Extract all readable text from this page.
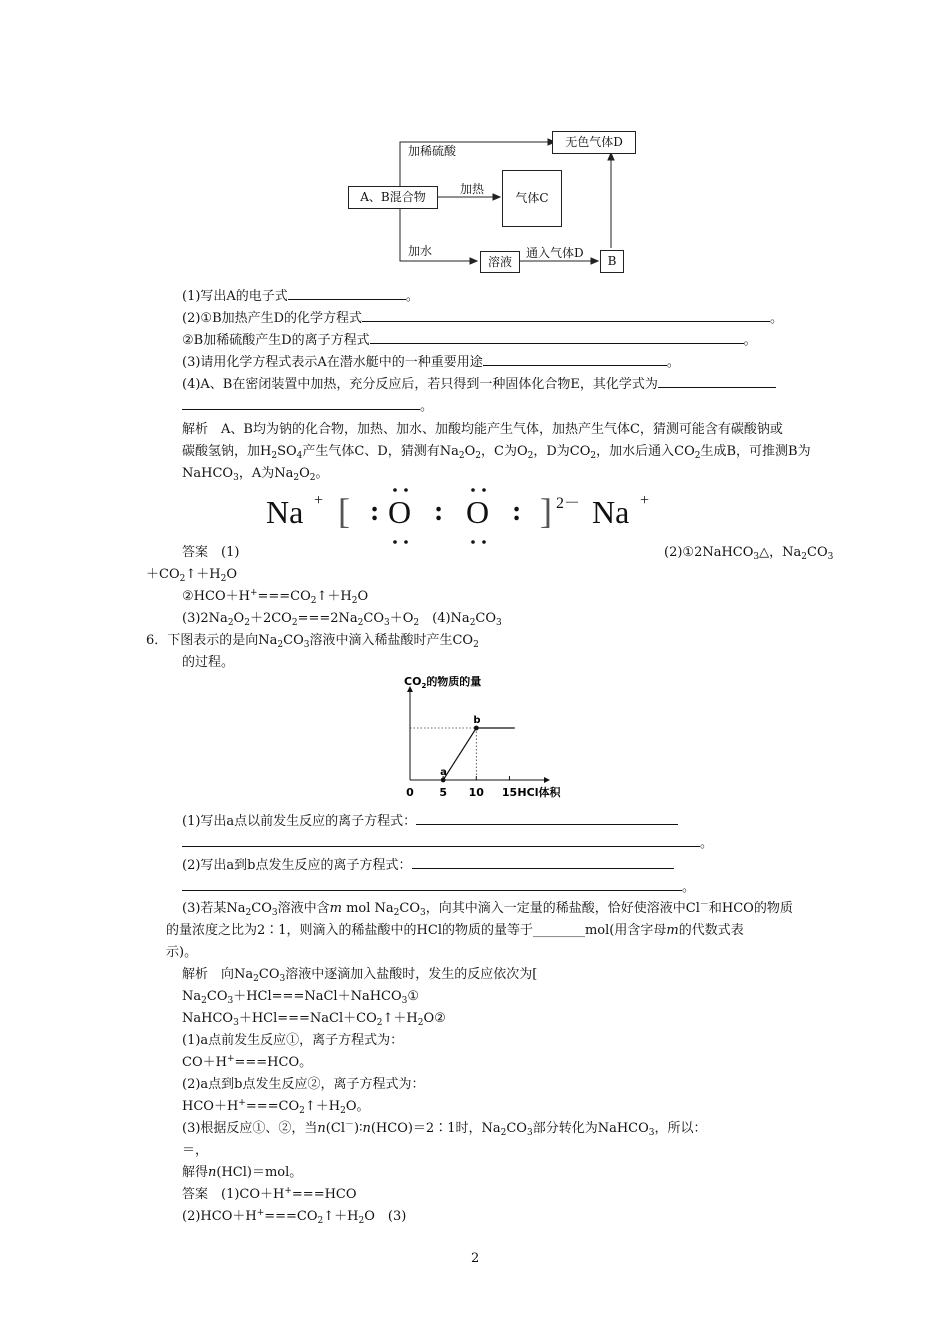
A、B混合物
无色气体D
气体C
溶液	B
加稀硫酸
加热
加水	通入气体D
(1)写出A的电子式	。
(2)①B加热产生D的化学方程式	。
②B加稀硫酸产生D的离子方程式	。
(3)请用化学方程式表示A在潜水艇中的一种重要用途	。
(4)A、B在密闭装置中加热，充分反应后，若只得到一种固体化合物E，其化学式为
。
解析　A、B均为钠的化合物，加热、加水、加酸均能产生气体，加热产生气体C，猜测可能含有碳酸钠或
碳酸氢钠，加$H_2SO_4$产生气体C、D，猜测有$Na_2O_2$，C为$O_2$，D为$CO_2$，加水后通入$CO_2$生成B，可推测B为
NaHCO$_3$，A为$Na_2O_2$。
Na + [ : O : O : ] 2－ Na +
答案　(1)	(2)①2NaHCO$_3$△，$Na_2CO_3$
$+CO_2↑+H_2O$
$②HCO+H^+===CO_2↑+H_2O$
$(3)2Na_2O_2+2CO_2===2Na_2CO_3+O_2$　$(4)Na_2CO_3$
6．下图表示的是向$Na_2CO_3$溶液中滴入稀盐酸时产生$CO_2$
的过程。
$CO_2$的物质的量
0 5 10 15 HCl体积
a
b
(1)写出a点以前发生反应的离子方程式：
。
(2)写出a到b点发生反应的离子方程式：
。
(3)若某$Na_2CO_3$溶液中含m mol $Na_2CO_3$，向其中滴入一定量的稀盐酸，恰好使溶液中Cl－和HCO的物质
的量浓度之比为2∶1，则滴入的稀盐酸中的HCl的物质的量等于________mol(用含字母m的代数式表
示)。
解析　向$Na_2CO_3$溶液中逐滴加入盐酸时，发生的反应依次为[
$Na_2CO_3+HCl===NaCl+NaHCO_3①$
$NaHCO_3+HCl===NaCl+CO_2↑+H_2O②$
(1)a点前发生反应①，离子方程式为：
CO＋H+===HCO。
(2)a点到b点发生反应②，离子方程式为：
$HCO+H^+===CO_2↑+H_2O$。
(3)根据反应①、②，当n(Cl－)∶n(HCO)＝2∶1时，$Na_2CO_3$部分转化为NaHCO$_3$，所以：
＝，
解得n(HCl)＝mol。
答案　(1)CO＋H+===HCO
$(2)HCO+H^+===CO_2↑+H_2O$　(3)
2
